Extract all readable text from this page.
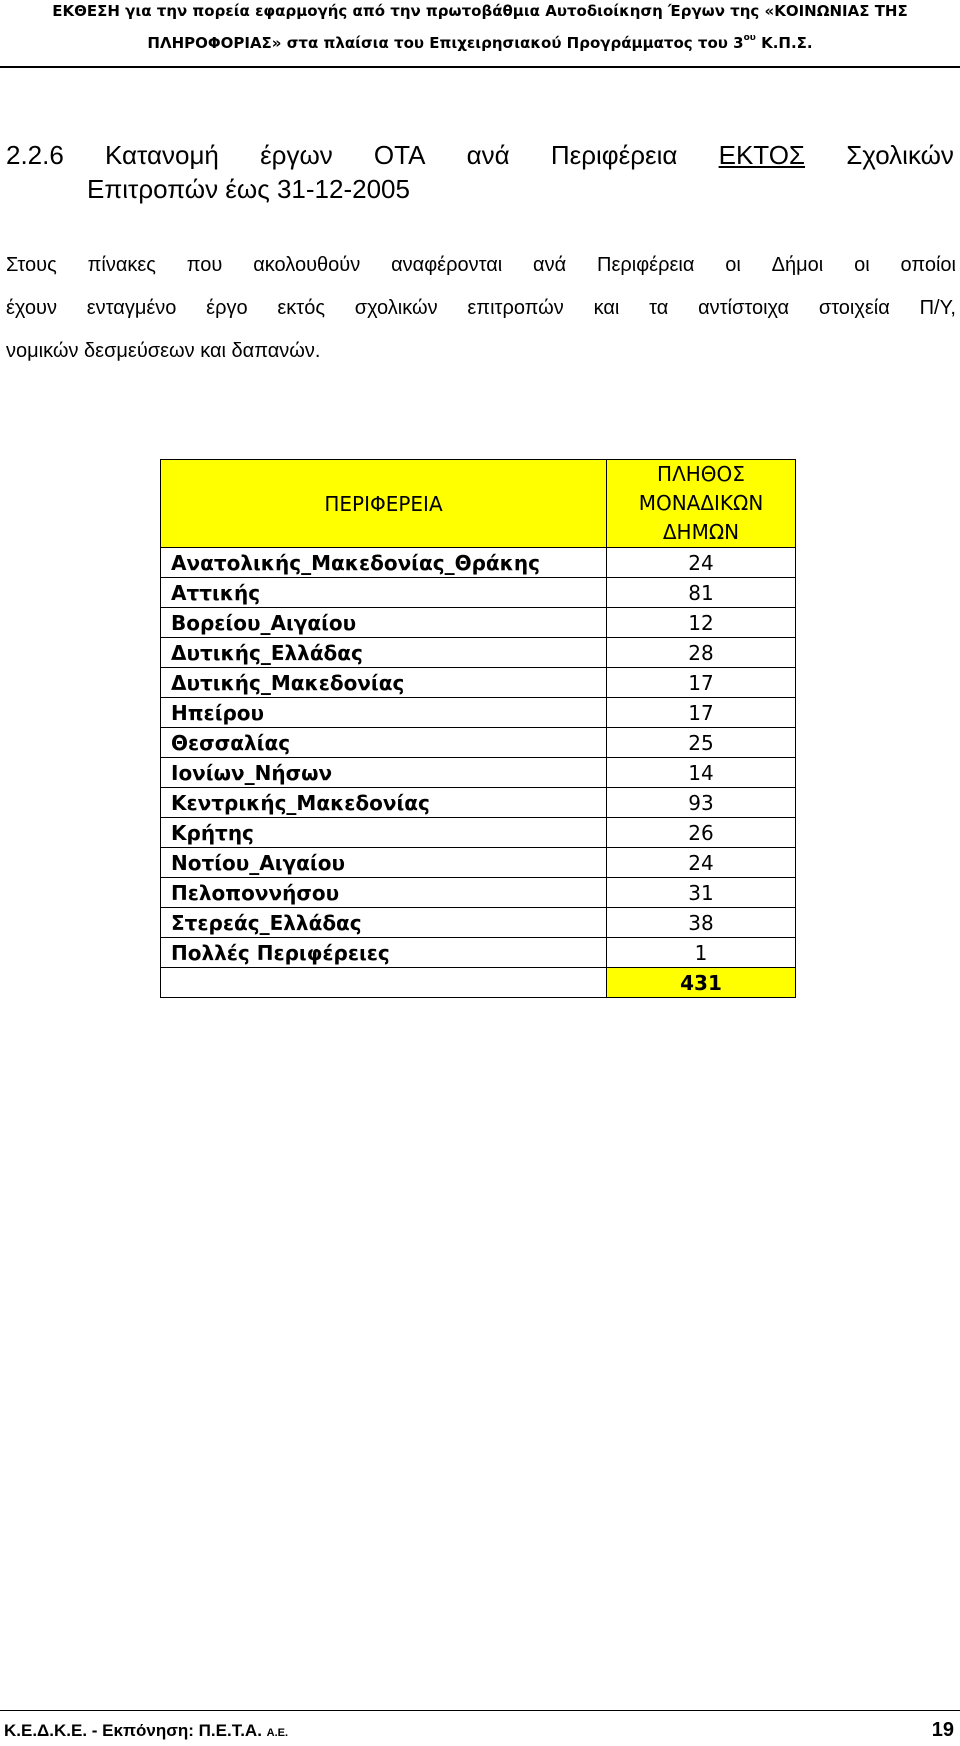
ΕΚΘΕΣΗ για την πορεία εφαρμογής από την πρωτοβάθμια Αυτοδιοίκηση Έργων της «ΚΟΙΝΩΝΙΑΣ ΤΗΣ
ΠΛΗΡΟΦΟΡΙΑΣ» στα πλαίσια του Επιχειρησιακού Προγράμματος του $3^{o\upsilon}$ Κ.Π.Σ.
2.2.6 Κατανομή έργων ΟΤΑ ανά Περιφέρεια ΕΚΤΟΣ Σχολικών
Επιτροπών έως 31-12-2005
Στους πίνακες που ακολουθούν αναφέρονται ανά Περιφέρεια οι Δήμοι οι οποίοι
έχουν ενταγμένο έργο εκτός σχολικών επιτροπών και τα αντίστοιχα στοιχεία Π/Υ,
νομικών δεσμεύσεων και δαπανών.
ΠΕΡΙΦΕΡΕΙΑ	ΠΛΗΘΟΣ
ΜΟΝΑΔΙΚΩΝ
ΔΗΜΩΝ

Ανατολικής_Μακεδονίας_Θράκης	24
Αττικής	81
Βορείου_Αιγαίου	12
Δυτικής_Ελλάδας	28
Δυτικής_Μακεδονίας	17
Ηπείρου	17
Θεσσαλίας	25
Ιονίων_Νήσων	14
Κεντρικής_Μακεδονίας	93
Κρήτης	26
Νοτίου_Αιγαίου	24
Πελοποννήσου	31
Στερεάς_Ελλάδας	38
Πολλές Περιφέρειες	1
	431
Κ.Ε.Δ.Κ.Ε. - Εκπόνηση: Π.Ε.Τ.Α. Α.Ε.	19
